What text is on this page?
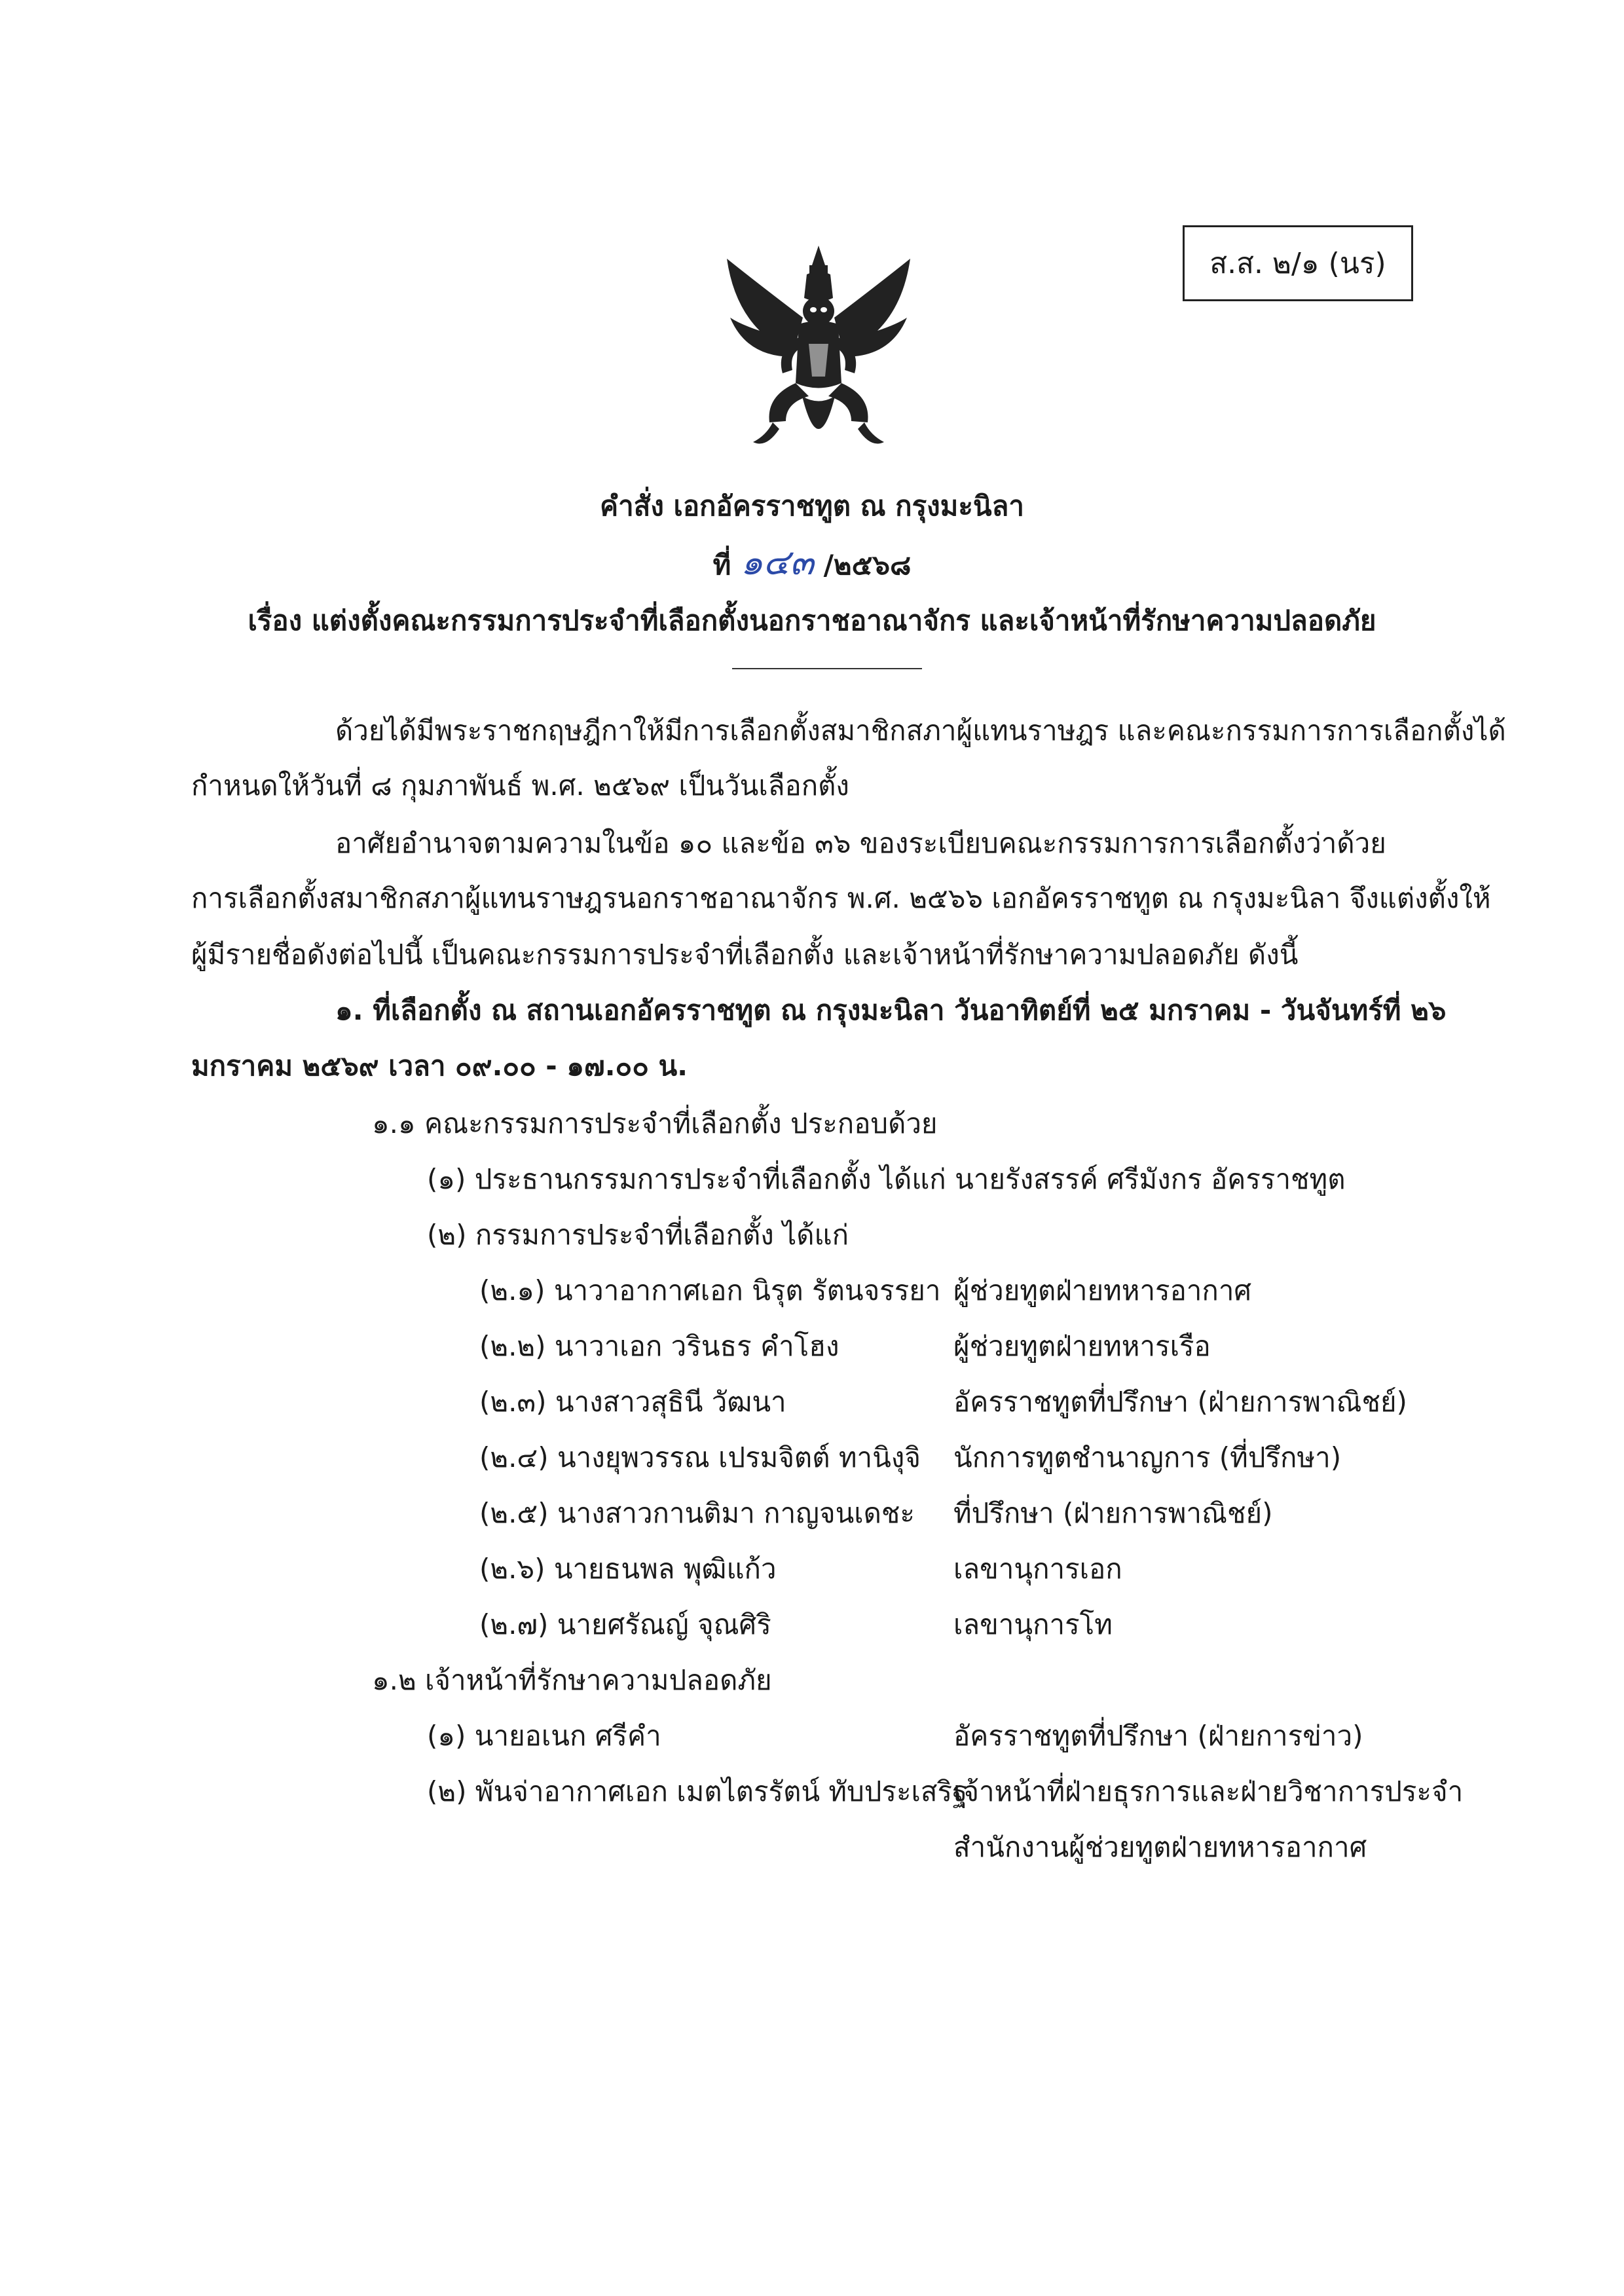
ส.ส. ๒/๑ (นร)
คำสั่ง เอกอัครราชทูต ณ กรุงมะนิลา
ที่ ๑๔๓ /๒๕๖๘
เรื่อง แต่งตั้งคณะกรรมการประจำที่เลือกตั้งนอกราชอาณาจักร และเจ้าหน้าที่รักษาความปลอดภัย
ด้วยได้มีพระราชกฤษฎีกาให้มีการเลือกตั้งสมาชิกสภาผู้แทนราษฎร และคณะกรรมการการเลือกตั้งได้
กำหนดให้วันที่ ๘ กุมภาพันธ์ พ.ศ. ๒๕๖๙ เป็นวันเลือกตั้ง
อาศัยอำนาจตามความในข้อ ๑๐ และข้อ ๓๖ ของระเบียบคณะกรรมการการเลือกตั้งว่าด้วย
การเลือกตั้งสมาชิกสภาผู้แทนราษฎรนอกราชอาณาจักร พ.ศ. ๒๕๖๖ เอกอัครราชทูต ณ กรุงมะนิลา จึงแต่งตั้งให้
ผู้มีรายชื่อดังต่อไปนี้ เป็นคณะกรรมการประจำที่เลือกตั้ง และเจ้าหน้าที่รักษาความปลอดภัย ดังนี้
๑. ที่เลือกตั้ง ณ สถานเอกอัครราชทูต ณ กรุงมะนิลา วันอาทิตย์ที่ ๒๕ มกราคม - วันจันทร์ที่ ๒๖
มกราคม ๒๕๖๙ เวลา ๐๙.๐๐ - ๑๗.๐๐ น.
๑.๑ คณะกรรมการประจำที่เลือกตั้ง ประกอบด้วย
(๑) ประธานกรรมการประจำที่เลือกตั้ง ได้แก่ นายรังสรรค์ ศรีมังกร อัครราชทูต
(๒) กรรมการประจำที่เลือกตั้ง ได้แก่
(๒.๑) นาวาอากาศเอก นิรุต รัตนจรรยา ผู้ช่วยทูตฝ่ายทหารอากาศ
(๒.๒) นาวาเอก วรินธร คำโฮง	ผู้ช่วยทูตฝ่ายทหารเรือ
(๒.๓) นางสาวสุธินี วัฒนา	อัครราชทูตที่ปรึกษา (ฝ่ายการพาณิชย์)
(๒.๔) นางยุพวรรณ เปรมจิตต์ ทานิงุจิ นักการทูตชำนาญการ (ที่ปรึกษา)
(๒.๕) นางสาวกานติมา กาญจนเดชะ ที่ปรึกษา (ฝ่ายการพาณิชย์)
(๒.๖) นายธนพล พุฒิแก้ว	เลขานุการเอก
(๒.๗) นายศรัณญ์ จุณศิริ	เลขานุการโท
๑.๒ เจ้าหน้าที่รักษาความปลอดภัย
(๑) นายอเนก ศรีคำ	อัครราชทูตที่ปรึกษา (ฝ่ายการข่าว)
(๒) พันจ่าอากาศเอก เมตไตรรัตน์ ทับประเสริฐ
เจ้าหน้าที่ฝ่ายธุรการและฝ่ายวิชาการประจำ
สำนักงานผู้ช่วยทูตฝ่ายทหารอากาศ
